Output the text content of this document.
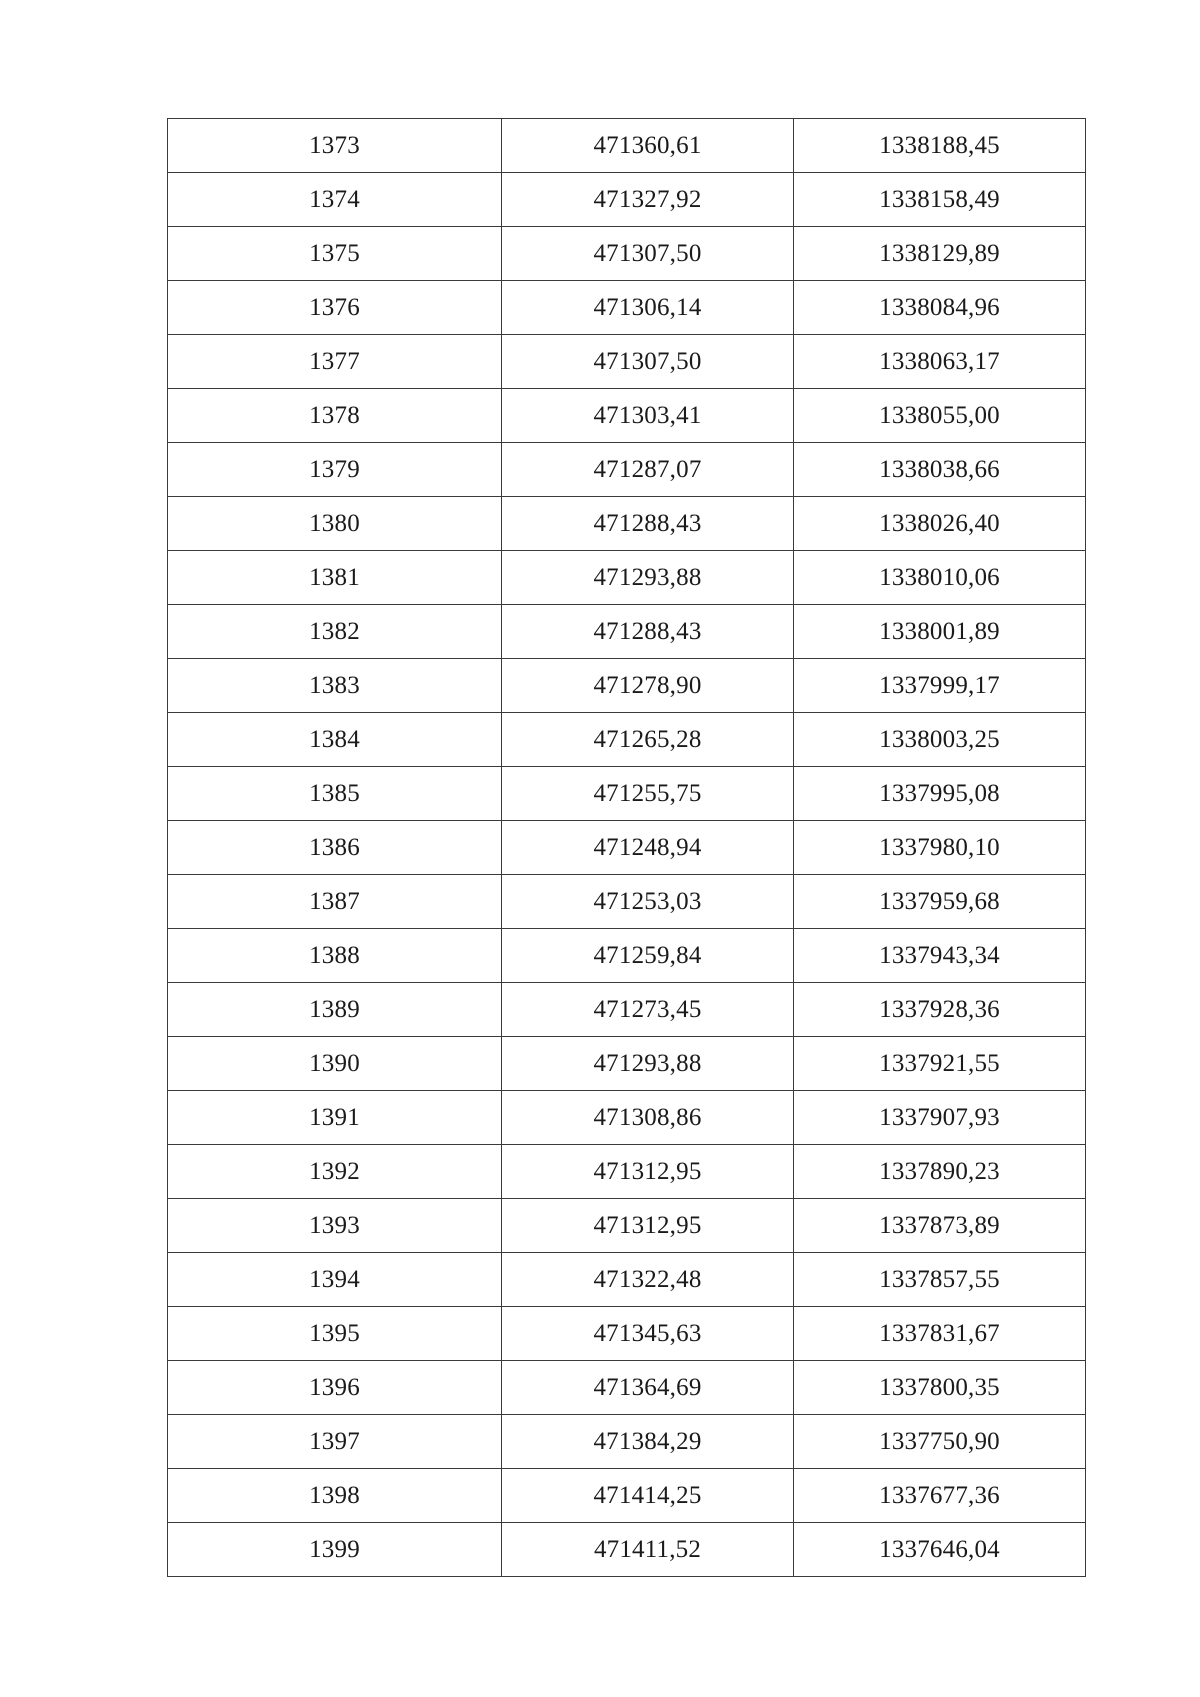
1373	471360,61	1338188,45
1374	471327,92	1338158,49
1375	471307,50	1338129,89
1376	471306,14	1338084,96
1377	471307,50	1338063,17
1378	471303,41	1338055,00
1379	471287,07	1338038,66
1380	471288,43	1338026,40
1381	471293,88	1338010,06
1382	471288,43	1338001,89
1383	471278,90	1337999,17
1384	471265,28	1338003,25
1385	471255,75	1337995,08
1386	471248,94	1337980,10
1387	471253,03	1337959,68
1388	471259,84	1337943,34
1389	471273,45	1337928,36
1390	471293,88	1337921,55
1391	471308,86	1337907,93
1392	471312,95	1337890,23
1393	471312,95	1337873,89
1394	471322,48	1337857,55
1395	471345,63	1337831,67
1396	471364,69	1337800,35
1397	471384,29	1337750,90
1398	471414,25	1337677,36
1399	471411,52	1337646,04
